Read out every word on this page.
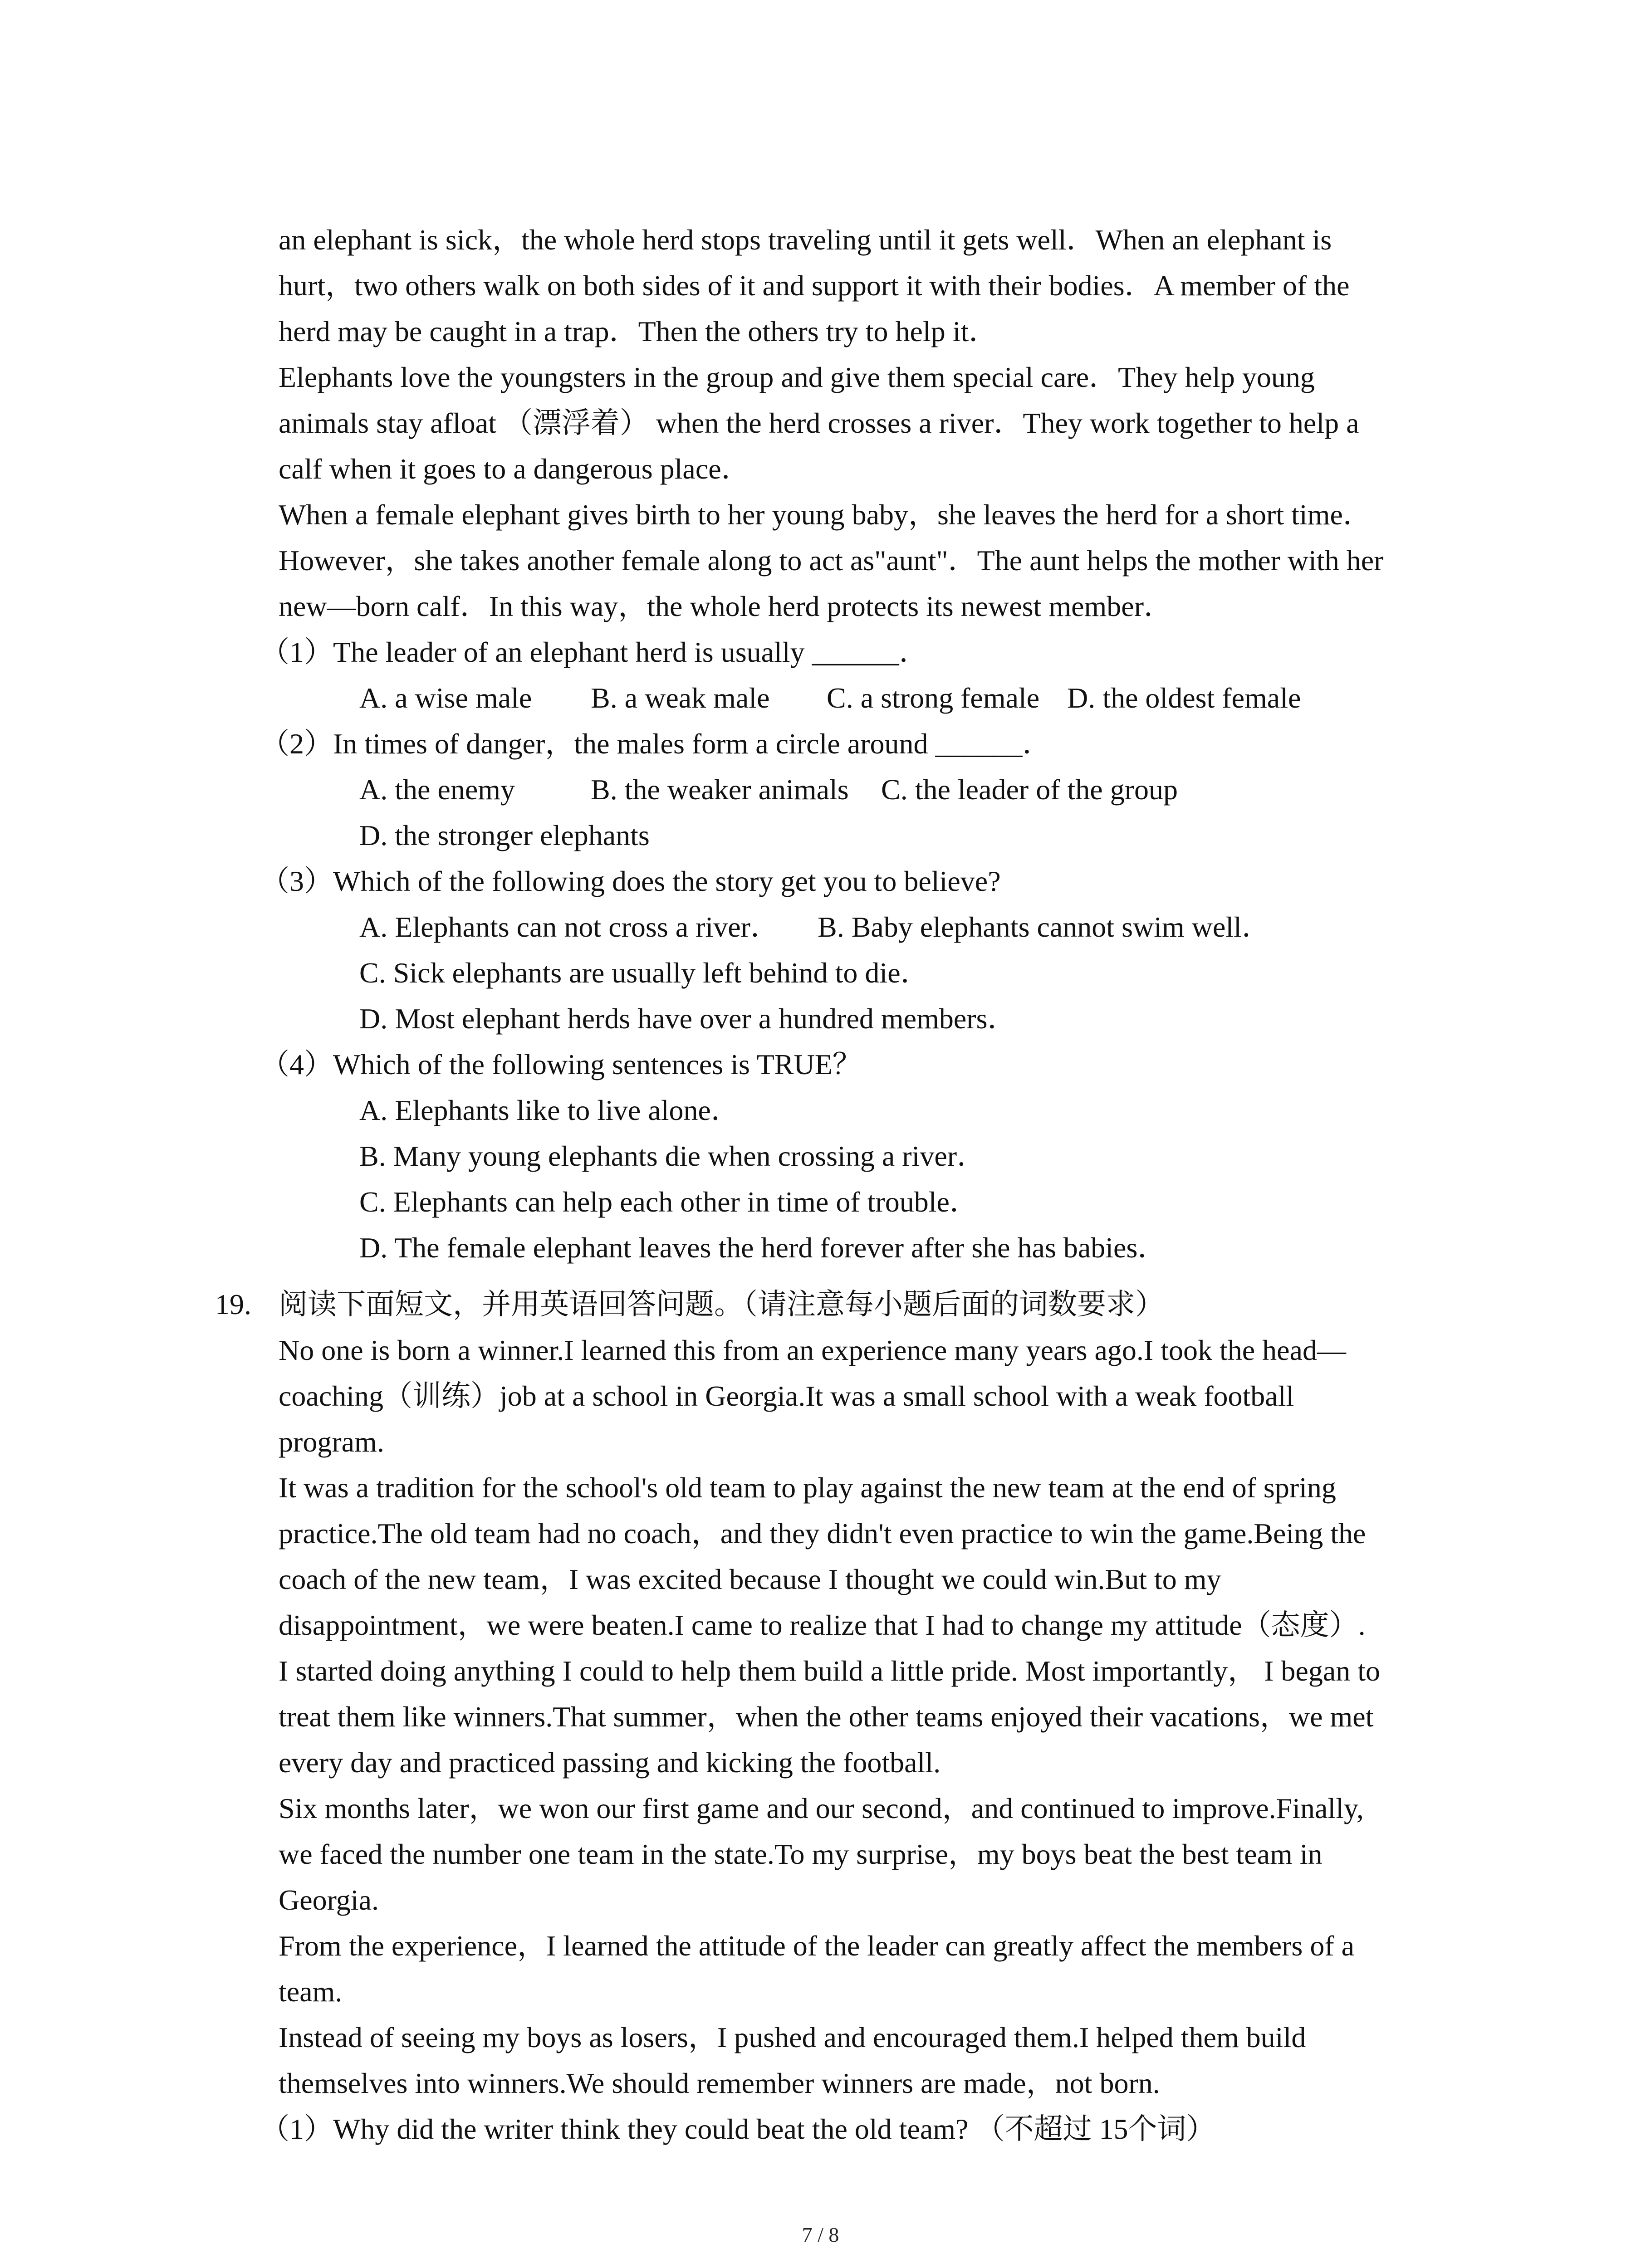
an elephant is sick，the whole herd stops traveling until it gets well．When an elephant is
hurt，two others walk on both sides of it and support it with their bodies．A member of the
herd may be caught in a trap．Then the others try to help it．
Elephants love the youngsters in the group and give them special care．They help young
animals stay afloat （漂浮着） when the herd crosses a river．They work together to help a
calf when it goes to a dangerous place．
When a female elephant gives birth to her young baby，she leaves the herd for a short time．
However，she takes another female along to act as"aunt"．The aunt helps the mother with her
new—born calf．In this way，the whole herd protects its newest member．
（1）The leader of an elephant herd is usually ______．
A. a wise male B. a weak male C. a strong female D. the oldest female
（2）In times of danger，the males form a circle around ______．
A. the enemy	B. the weaker animals C. the leader of the group
D. the stronger elephants
（3）Which of the following does the story get you to believe?
A. Elephants can not cross a river． B. Baby elephants cannot swim well．
C. Sick elephants are usually left behind to die．
D. Most elephant herds have over a hundred members．
（4）Which of the following sentences is TRUE？
A. Elephants like to live alone．
B. Many young elephants die when crossing a river．
C. Elephants can help each other in time of trouble．
D. The female elephant leaves the herd forever after she has babies．
19. 阅读下面短文，并用英语回答问题。（请注意每小题后面的词数要求）
No one is born a winner.I learned this from an experience many years ago.I took the head—
coaching（训练）job at a school in Georgia.It was a small school with a weak football
program.
It was a tradition for the school's old team to play against the new team at the end of spring
practice.The old team had no coach，and they didn't even practice to win the game.Being the
coach of the new team，I was excited because I thought we could win.But to my
disappointment，we were beaten.I came to realize that I had to change my attitude（态度）.
I started doing anything I could to help them build a little pride. Most importantly， I began to
treat them like winners.That summer，when the other teams enjoyed their vacations，we met
every day and practiced passing and kicking the football.
Six months later，we won our first game and our second，and continued to improve.Finally,
we faced the number one team in the state.To my surprise，my boys beat the best team in
Georgia.
From the experience，I learned the attitude of the leader can greatly affect the members of a
team.
Instead of seeing my boys as losers，I pushed and encouraged them.I helped them build
themselves into winners.We should remember winners are made，not born.
（1）Why did the writer think they could beat the old team? （不超过 15个词）
7 / 8
